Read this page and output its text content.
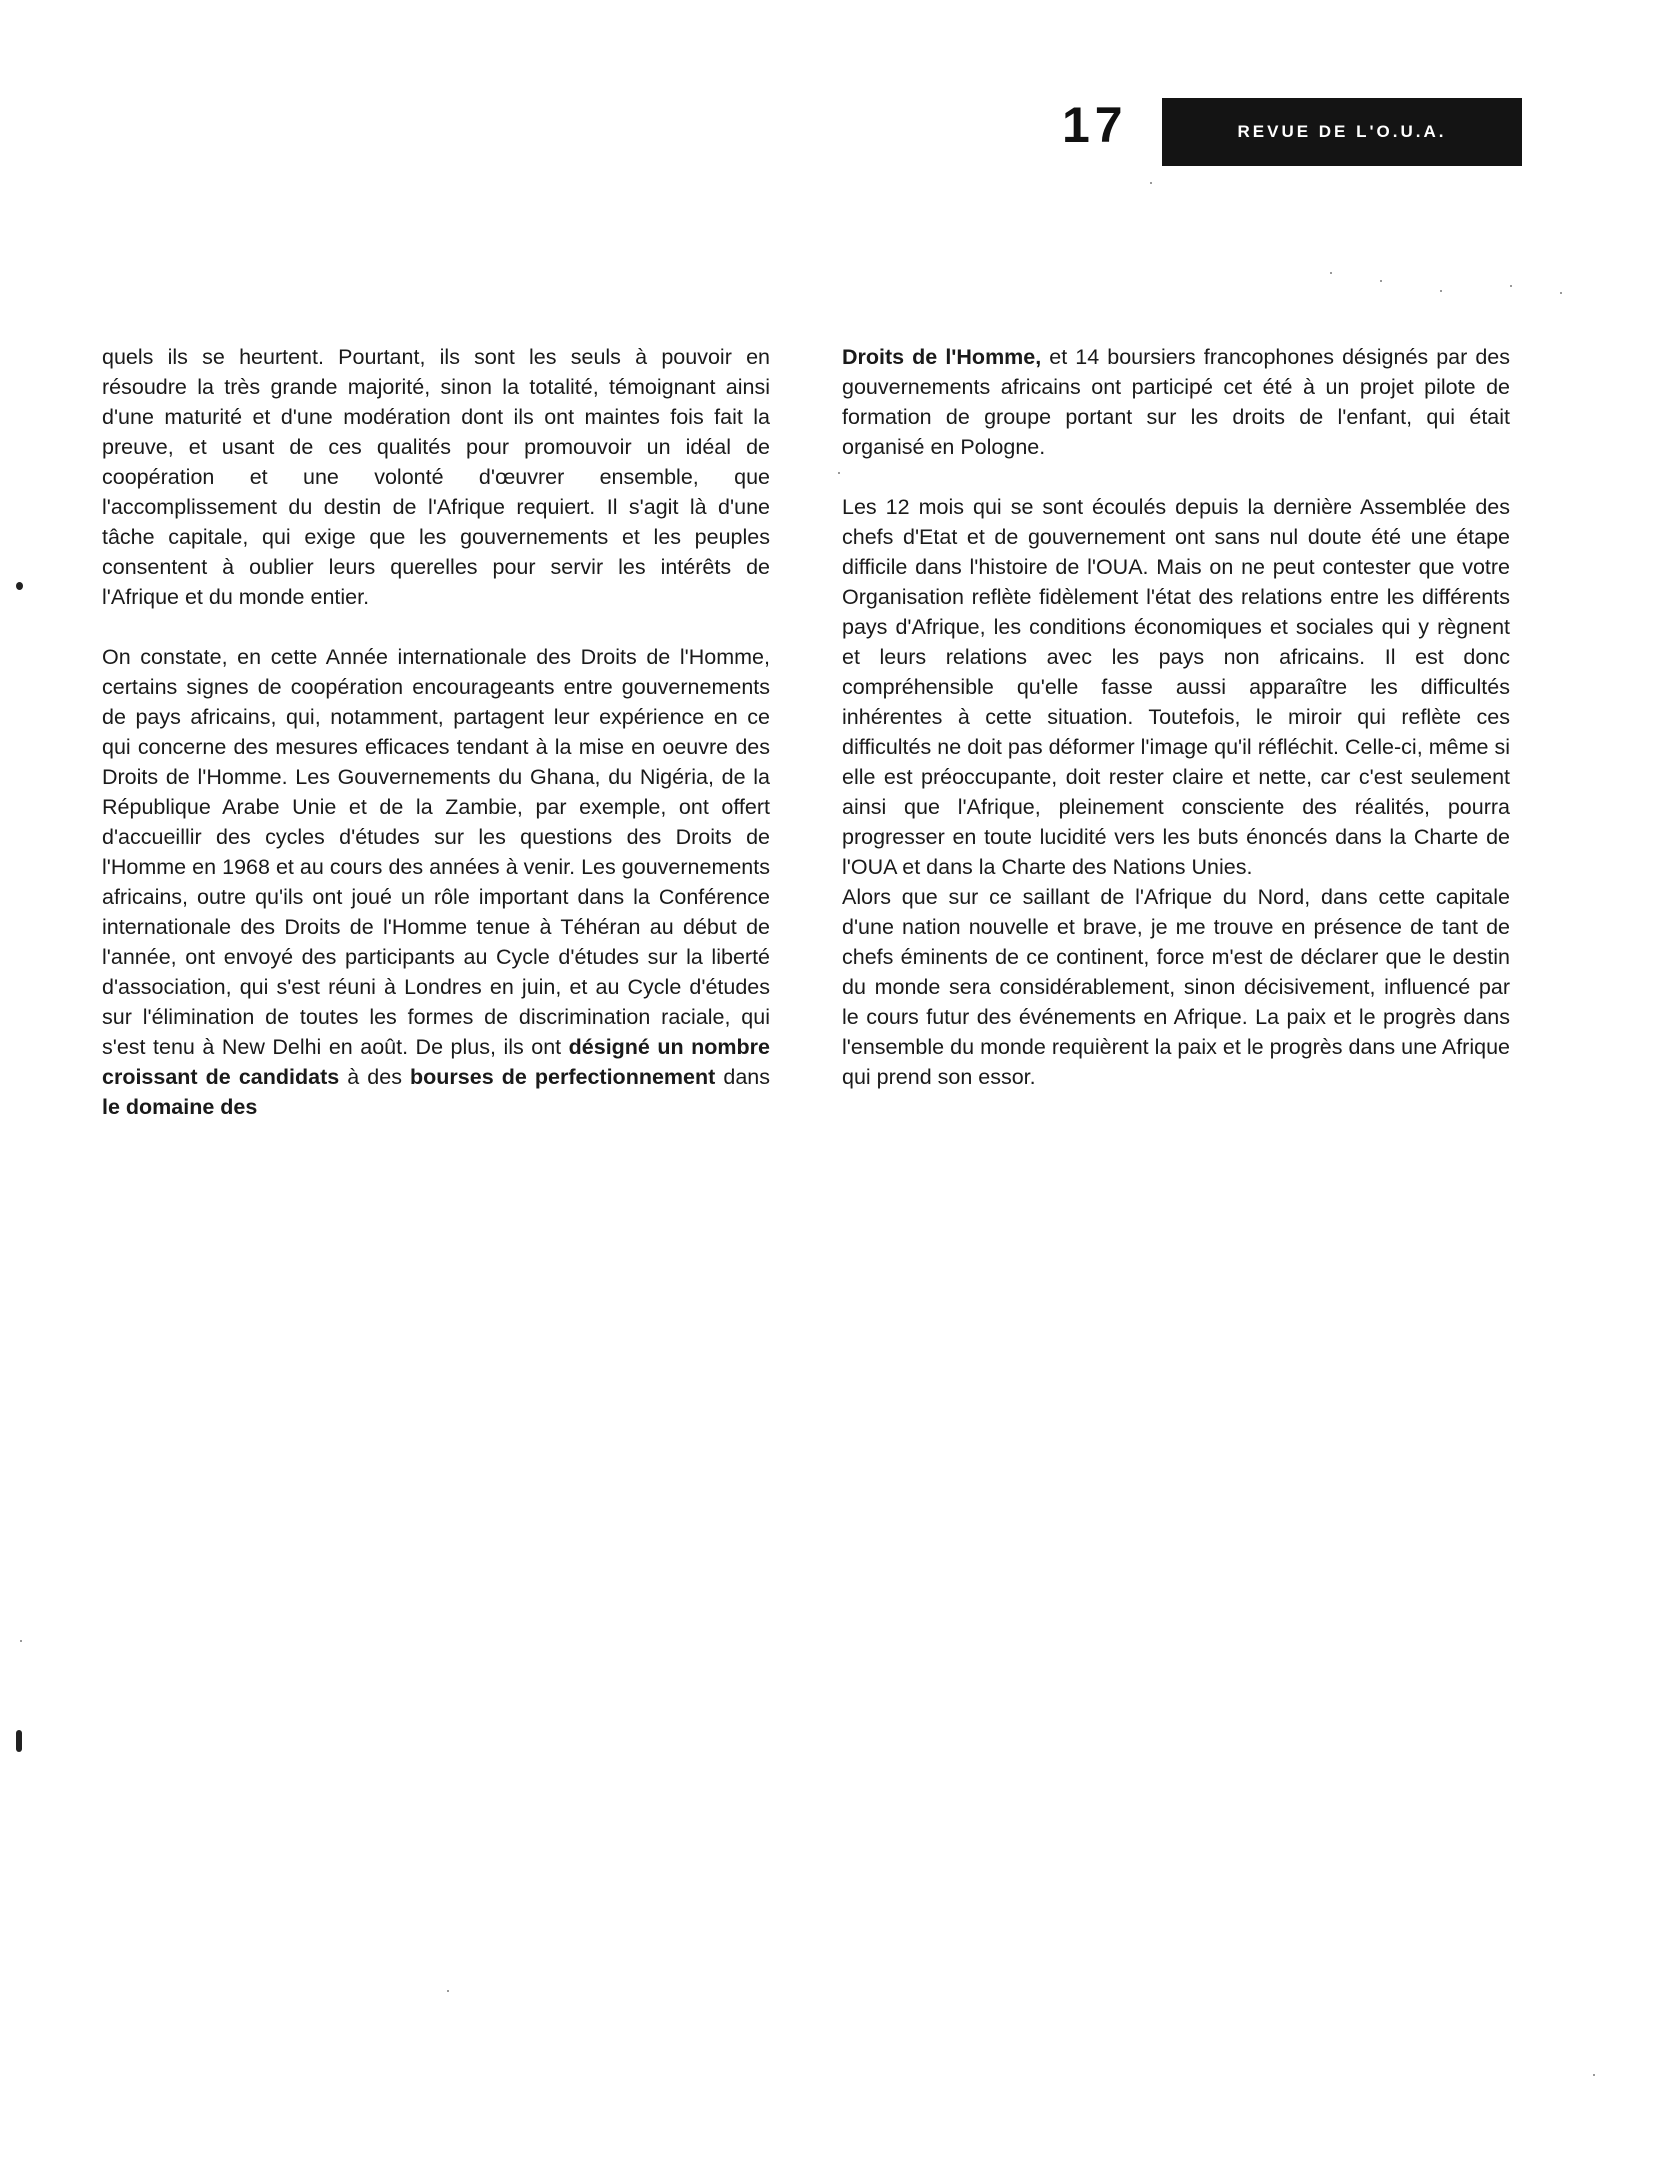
17	REVUE DE L'O.U.A.

quels ils se heurtent. Pourtant, ils sont les seuls à pouvoir en résoudre la très grande majorité, sinon la totalité, témoignant ainsi d'une maturité et d'une modération dont ils ont maintes fois fait la preuve, et usant de ces qualités pour promouvoir un idéal de coopération et une volonté d'œuvrer ensemble, que l'accomplissement du destin de l'Afrique requiert. Il s'agit là d'une tâche capitale, qui exige que les gouvernements et les peuples consentent à oublier leurs querelles pour servir les intérêts de l'Afrique et du monde entier.

On constate, en cette Année internationale des Droits de l'Homme, certains signes de coopération encourageants entre gouvernements de pays africains, qui, notamment, partagent leur expérience en ce qui concerne des mesures efficaces tendant à la mise en oeuvre des Droits de l'Homme. Les Gouvernements du Ghana, du Nigéria, de la République Arabe Unie et de la Zambie, par exemple, ont offert d'accueillir des cycles d'études sur les questions des Droits de l'Homme en 1968 et au cours des années à venir. Les gouvernements africains, outre qu'ils ont joué un rôle important dans la Conférence internationale des Droits de l'Homme tenue à Téhéran au début de l'année, ont envoyé des participants au Cycle d'études sur la liberté d'association, qui s'est réuni à Londres en juin, et au Cycle d'études sur l'élimination de toutes les formes de discrimination raciale, qui s'est tenu à New Delhi en août. De plus, ils ont désigné un nombre croissant de candidats à des bourses de perfectionnement dans le domaine des

Droits de l'Homme, et 14 boursiers francophones désignés par des gouvernements africains ont participé cet été à un projet pilote de formation de groupe portant sur les droits de l'enfant, qui était organisé en Pologne.

Les 12 mois qui se sont écoulés depuis la dernière Assemblée des chefs d'Etat et de gouvernement ont sans nul doute été une étape difficile dans l'histoire de l'OUA. Mais on ne peut contester que votre Organisation reflète fidèlement l'état des relations entre les différents pays d'Afrique, les conditions économiques et sociales qui y règnent et leurs relations avec les pays non africains. Il est donc compréhensible qu'elle fasse aussi apparaître les difficultés inhérentes à cette situation. Toutefois, le miroir qui reflète ces difficultés ne doit pas déformer l'image qu'il réfléchit. Celle-ci, même si elle est préoccupante, doit rester claire et nette, car c'est seulement ainsi que l'Afrique, pleinement consciente des réalités, pourra progresser en toute lucidité vers les buts énoncés dans la Charte de l'OUA et dans la Charte des Nations Unies.

Alors que sur ce saillant de l'Afrique du Nord, dans cette capitale d'une nation nouvelle et brave, je me trouve en présence de tant de chefs éminents de ce continent, force m'est de déclarer que le destin du monde sera considérablement, sinon décisivement, influencé par le cours futur des événements en Afrique. La paix et le progrès dans l'ensemble du monde requièrent la paix et le progrès dans une Afrique qui prend son essor.
